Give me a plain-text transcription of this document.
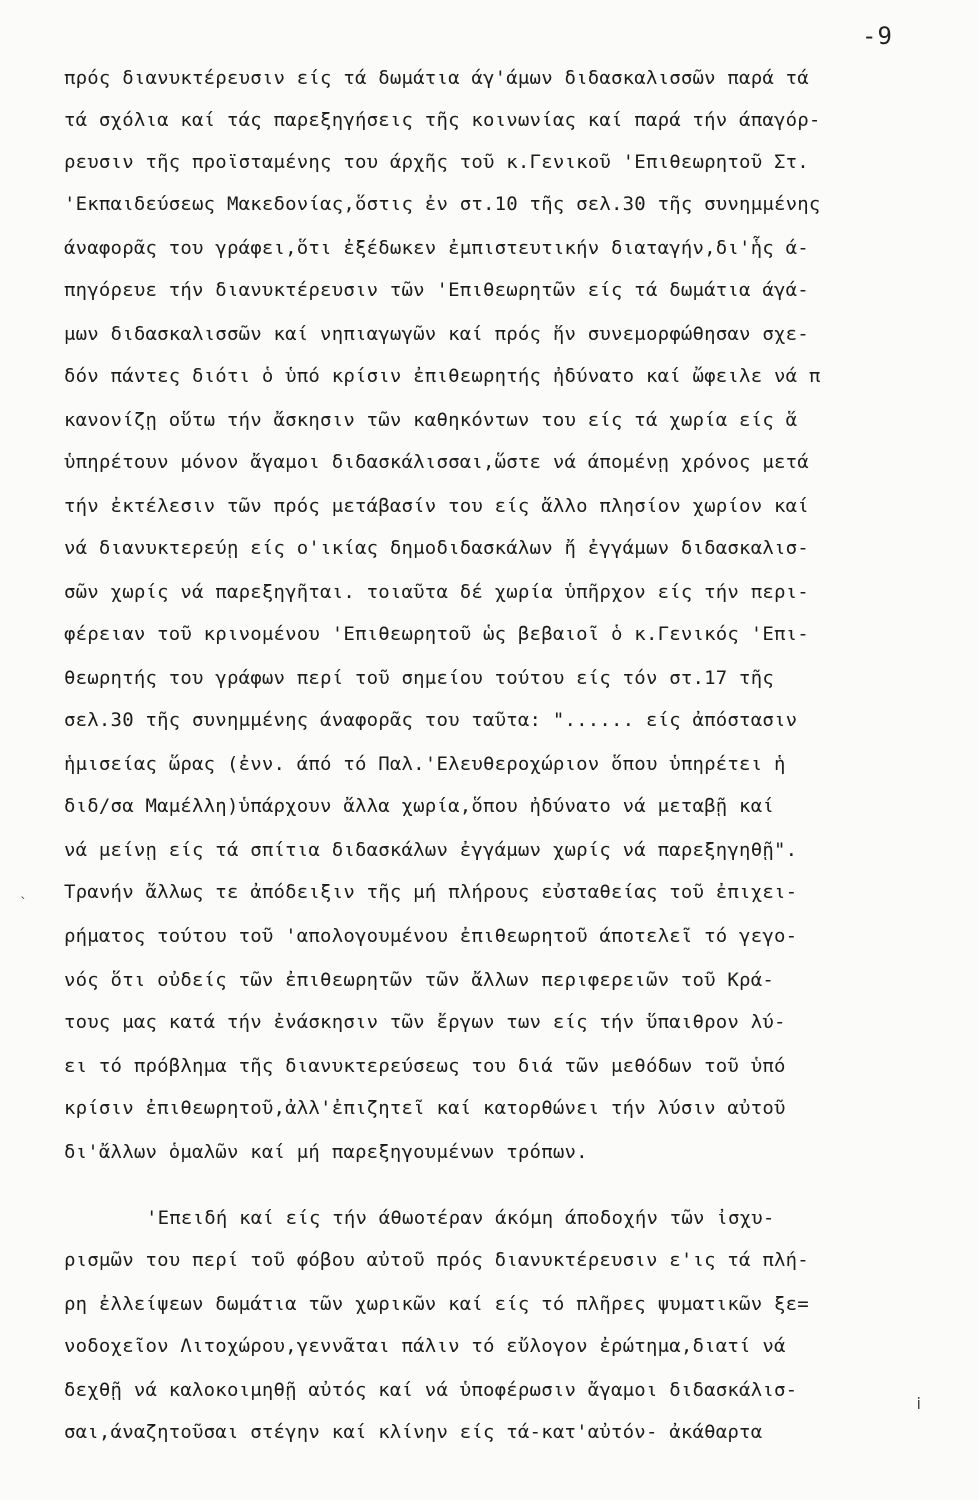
-9
`
i
πρός διανυκτέρευσιν είς τά δωμάτια άγ'άμων διδασκαλισσῶν παρά τά
τά σχόλια καί τάς παρεξηγήσεις τῆς κοινωνίας καί παρά τήν άπαγόρ-
ρευσιν τῆς προϊσταμένης του άρχῆς τοῦ κ.Γενικοῦ 'Επιθεωρητοῦ Στ.
'Εκπαιδεύσεως Μακεδονίας,ὅστις ἐν στ.10 τῆς σελ.30 τῆς συνημμένης
άναφορᾶς του γράφει,ὅτι ἐξέδωκεν ἐμπιστευτικήν διαταγήν,δι'ἧς ά-
πηγόρευε τήν διανυκτέρευσιν τῶν 'Επιθεωρητῶν είς τά δωμάτια άγά-
μων διδασκαλισσῶν καί νηπιαγωγῶν καί πρός ἥν συνεμορφώθησαν σχε-
δόν πάντες διότι ὁ ὑπό κρίσιν ἐπιθεωρητής ἠδύνατο καί ὤφειλε νά π
κανονίζῃ οὕτω τήν ἄσκησιν τῶν καθηκόντων του είς τά χωρία είς ἅ
ὑπηρέτουν μόνον ἄγαμοι διδασκάλισσαι,ὥστε νά άπομένῃ χρόνος μετά
τήν ἐκτέλεσιν τῶν πρός μετάβασίν του είς ἄλλο πλησίον χωρίον καί
νά διανυκτερεύῃ είς ο'ικίας δημοδιδασκάλων ἤ ἐγγάμων διδασκαλισ-
σῶν χωρίς νά παρεξηγῆται. τοιαῦτα δέ χωρία ὑπῆρχον είς τήν περι-
φέρειαν τοῦ κρινομένου 'Επιθεωρητοῦ ὡς βεβαιοῖ ὁ κ.Γενικός 'Επι-
θεωρητής του γράφων περί τοῦ σημείου τούτου είς τόν στ.17 τῆς
σελ.30 τῆς συνημμένης άναφορᾶς του ταῦτα: "...... είς ἀπόστασιν
ἡμισείας ὥρας (ἐνν. άπό τό Παλ.'Ελευθεροχώριον ὅπου ὑπηρέτει ἡ
διδ/σα Μαμέλλη)ὑπάρχουν ἄλλα χωρία,ὅπου ἠδύνατο νά μεταβῇ καί
νά μείνῃ είς τά σπίτια διδασκάλων ἐγγάμων χωρίς νά παρεξηγηθῇ".
Τρανήν ἄλλως τε ἀπόδειξιν τῆς μή πλήρους εὐσταθείας τοῦ ἐπιχει-
ρήματος τούτου τοῦ 'απολογουμένου ἐπιθεωρητοῦ άποτελεῖ τό γεγο-
νός ὅτι οὐδείς τῶν ἐπιθεωρητῶν τῶν ἄλλων περιφερειῶν τοῦ Κρά-
τους μας κατά τήν ἐνάσκησιν τῶν ἔργων των είς τήν ὕπαιθρον λύ-
ει τό πρόβλημα τῆς διανυκτερεύσεως του διά τῶν μεθόδων τοῦ ὑπό
κρίσιν ἐπιθεωρητοῦ,ἀλλ'ἐπιζητεῖ καί κατορθώνει τήν λύσιν αὐτοῦ
δι'ἄλλων ὁμαλῶν καί μή παρεξηγουμένων τρόπων.
'Επειδή καί είς τήν άθωοτέραν άκόμη άποδοχήν τῶν ἰσχυ-
ρισμῶν του περί τοῦ φόβου αὐτοῦ πρός διανυκτέρευσιν ε'ις τά πλή-
ρη ἐλλείψεων δωμάτια τῶν χωρικῶν καί είς τό πλῆρες ψυματικῶν ξε=
νοδοχεῖον Λιτοχώρου,γεννᾶται πάλιν τό εὔλογον ἐρώτημα,διατί νά
δεχθῇ νά καλοκοιμηθῇ αὐτός καί νά ὑποφέρωσιν ἄγαμοι διδασκάλισ-
σαι,άναζητοῦσαι στέγην καί κλίνην είς τά-κατ'αὐτόν- ἀκάθαρτα
